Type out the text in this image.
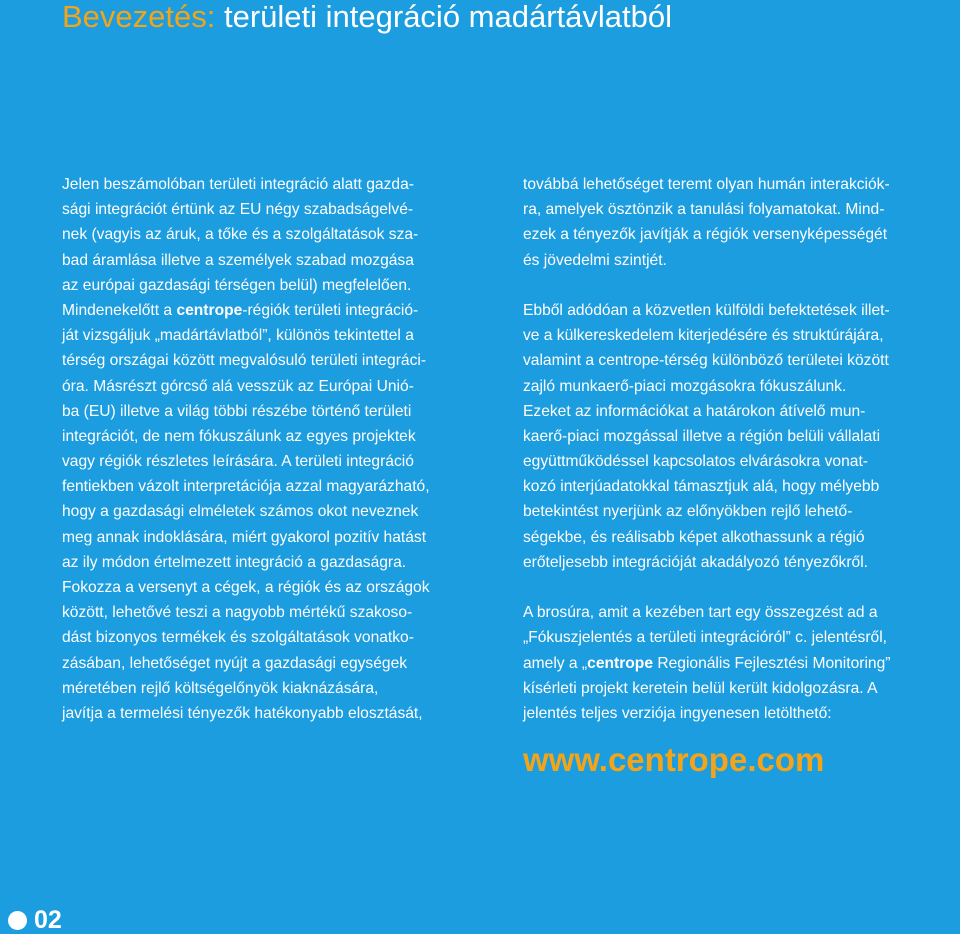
Bevezetés: területi integráció madártávlatból
Jelen beszámolóban területi integráció alatt gazda-
sági integrációt értünk az EU négy szabadságelvé-
nek (vagyis az áruk, a tőke és a szolgáltatások sza-
bad áramlása illetve a személyek szabad mozgása
az európai gazdasági térségen belül) megfelelően.
Mindenekelőtt a centrope-régiók területi integráció-
ját vizsgáljuk „madártávlatból”, különös tekintettel a
térség országai között megvalósuló területi integráci-
óra. Másrészt górcső alá vesszük az Európai Unió-
ba (EU) illetve a világ többi részébe történő területi
integrációt, de nem fókuszálunk az egyes projektek
vagy régiók részletes leírására. A területi integráció
fentiekben vázolt interpretációja azzal magyarázható,
hogy a gazdasági elméletek számos okot neveznek
meg annak indoklására, miért gyakorol pozitív hatást
az ily módon értelmezett integráció a gazdaságra.
Fokozza a versenyt a cégek, a régiók és az országok
között, lehetővé teszi a nagyobb mértékű szakoso-
dást bizonyos termékek és szolgáltatások vonatko-
zásában, lehetőséget nyújt a gazdasági egységek
méretében rejlő költségelőnyök kiaknázására,
javítja a termelési tényezők hatékonyabb elosztását,
továbbá lehetőséget teremt olyan humán interakciók-
ra, amelyek ösztönzik a tanulási folyamatokat. Mind-
ezek a tényezők javítják a régiók versenyképességét
és jövedelmi szintjét.
Ebből adódóan a közvetlen külföldi befektetések illet-
ve a külkereskedelem kiterjedésére és struktúrájára,
valamint a centrope-térség különböző területei között
zajló munkaerő-piaci mozgásokra fókuszálunk.
Ezeket az információkat a határokon átívelő mun-
kaerő-piaci mozgással illetve a régión belüli vállalati
együttműködéssel kapcsolatos elvárásokra vonat-
kozó interjúadatokkal támasztjuk alá, hogy mélyebb
betekintést nyerjünk az előnyökben rejlő lehető-
ségekbe, és reálisabb képet alkothassunk a régió
erőteljesebb integrációját akadályozó tényezőkről.
A brosúra, amit a kezében tart egy összegzést ad a
„Fókuszjelentés a területi integrációról” c. jelentésről,
amely a „centrope Regionális Fejlesztési Monitoring”
kísérleti projekt keretein belül került kidolgozásra. A
jelentés teljes verziója ingyenesen letölthető:
www.centrope.com
02
